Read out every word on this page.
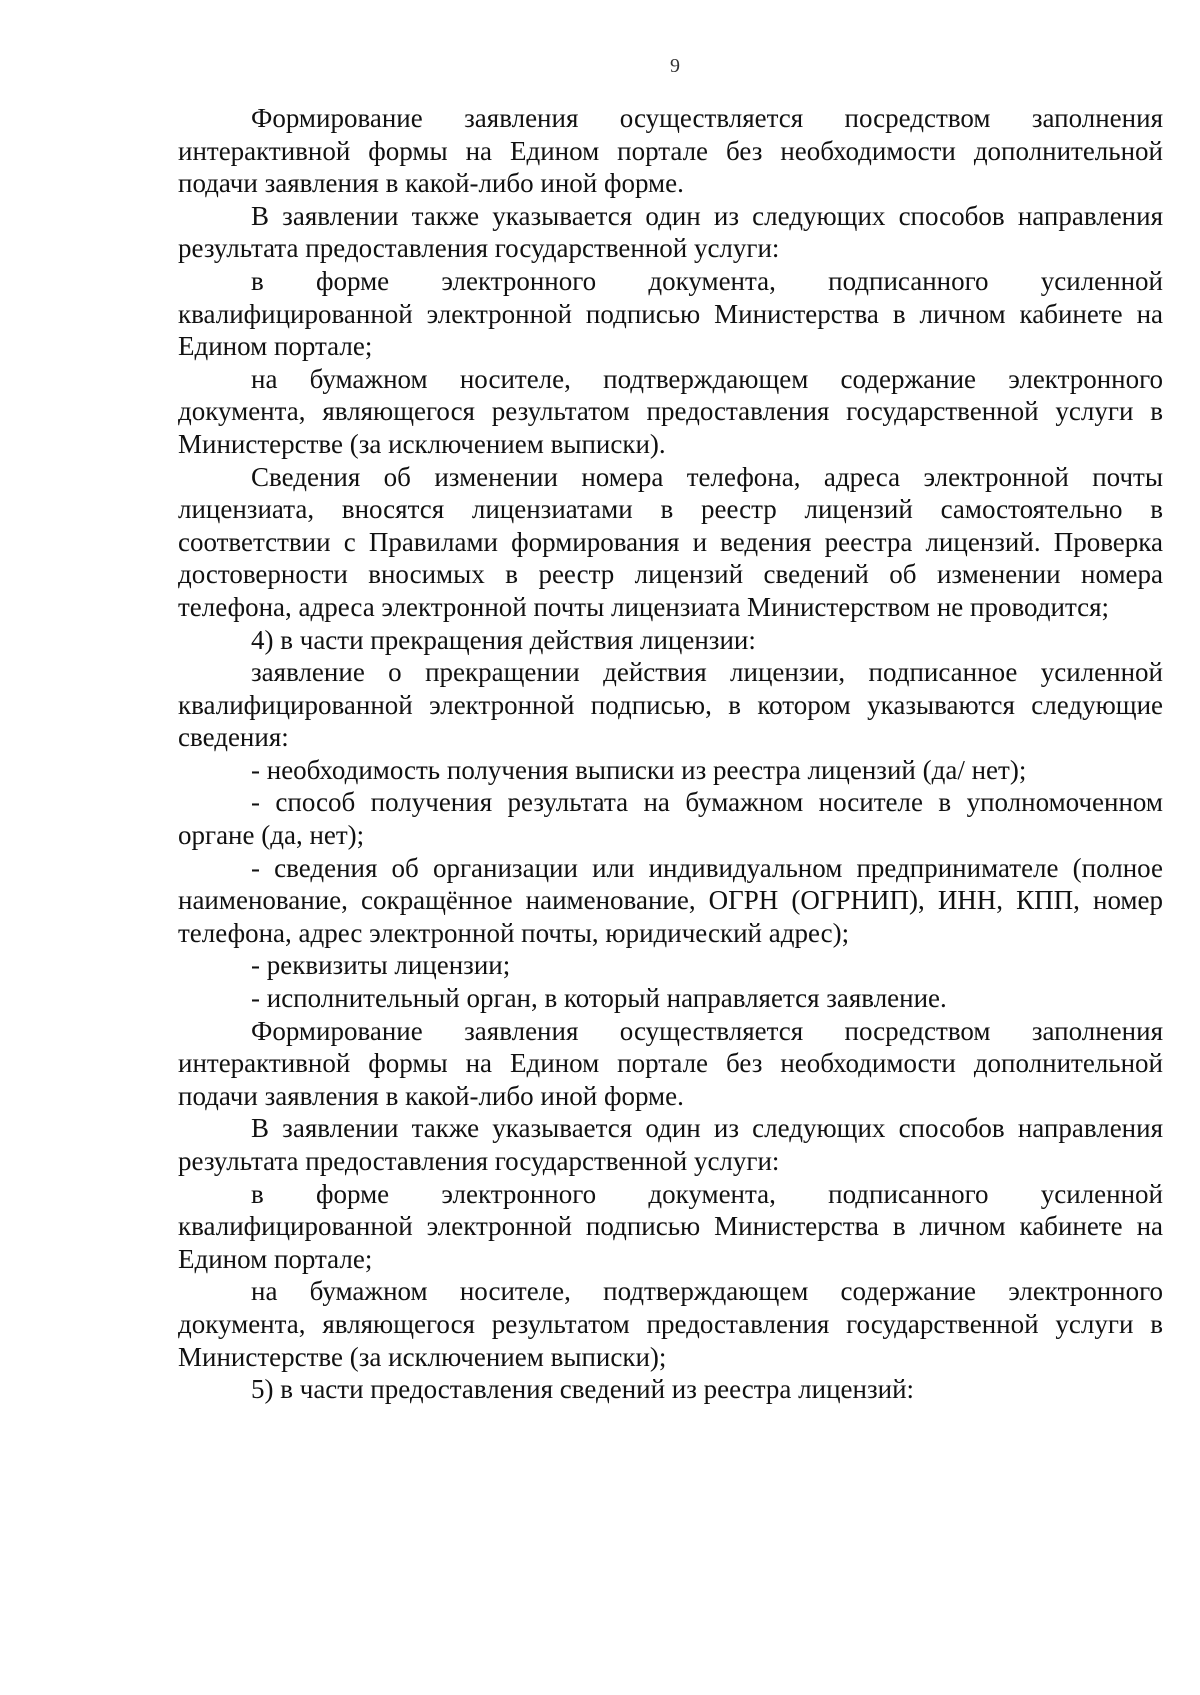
9

Формирование заявления осуществляется посредством заполнения интерактивной формы на Едином портале без необходимости дополнительной подачи заявления в какой-либо иной форме.

В заявлении также указывается один из следующих способов направления результата предоставления государственной услуги:

в форме электронного документа, подписанного усиленной квалифицированной электронной подписью Министерства в личном кабинете на Едином портале;

на бумажном носителе, подтверждающем содержание электронного документа, являющегося результатом предоставления государственной услуги в Министерстве (за исключением выписки).

Сведения об изменении номера телефона, адреса электронной почты лицензиата, вносятся лицензиатами в реестр лицензий самостоятельно в соответствии с Правилами формирования и ведения реестра лицензий. Проверка достоверности вносимых в реестр лицензий сведений об изменении номера телефона, адреса электронной почты лицензиата Министерством не проводится;

4) в части прекращения действия лицензии:

заявление о прекращении действия лицензии, подписанное усиленной квалифицированной электронной подписью, в котором указываются следующие сведения:

- необходимость получения выписки из реестра лицензий (да/ нет);

- способ получения результата на бумажном носителе в уполномоченном органе (да, нет);

- сведения об организации или индивидуальном предпринимателе (полное наименование, сокращённое наименование, ОГРН (ОГРНИП), ИНН, КПП, номер телефона, адрес электронной почты, юридический адрес);

- реквизиты лицензии;

- исполнительный орган, в который направляется заявление.

Формирование заявления осуществляется посредством заполнения интерактивной формы на Едином портале без необходимости дополнительной подачи заявления в какой-либо иной форме.

В заявлении также указывается один из следующих способов направления результата предоставления государственной услуги:

в форме электронного документа, подписанного усиленной квалифицированной электронной подписью Министерства в личном кабинете на Едином портале;

на бумажном носителе, подтверждающем содержание электронного документа, являющегося результатом предоставления государственной услуги в Министерстве (за исключением выписки);

5) в части предоставления сведений из реестра лицензий:
